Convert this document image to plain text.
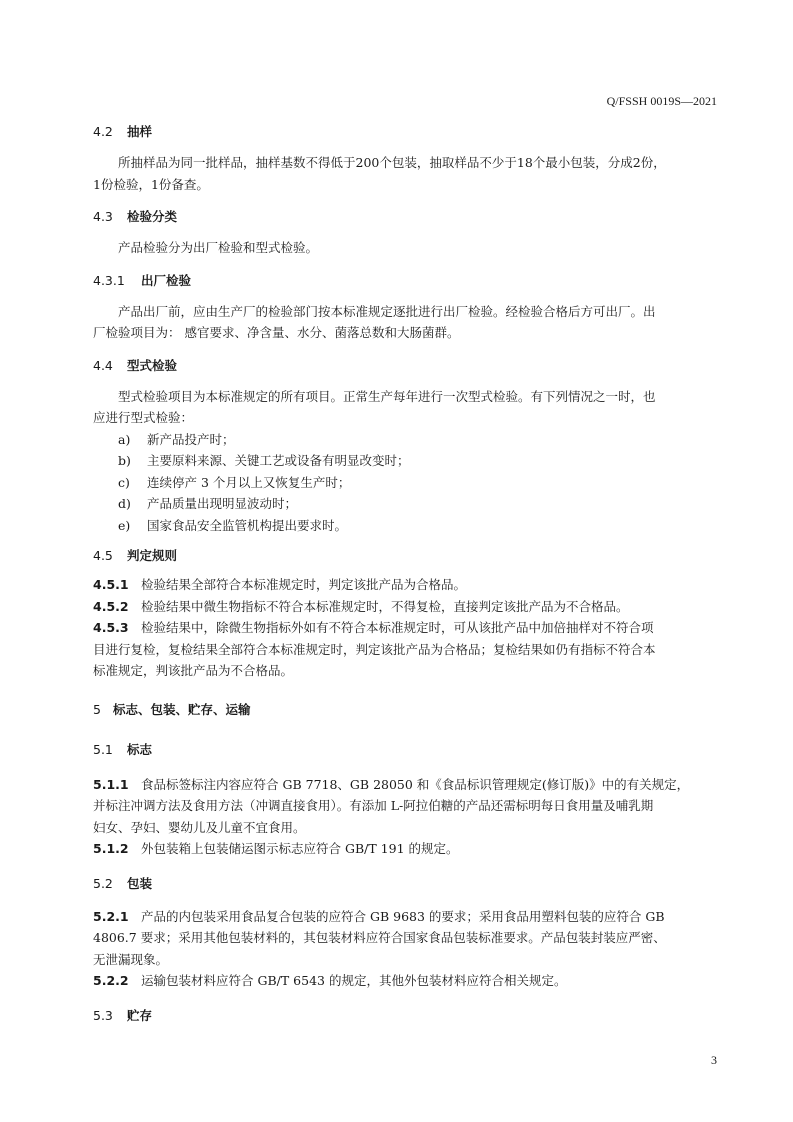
Q/FSSH 0019S—2021
4.2 抽样

所抽样品为同一批样品，抽样基数不得低于200个包装，抽取样品不少于18个最小包装，分成2份，

1份检验，1份备查。

4.3 检验分类

产品检验分为出厂检验和型式检验。

4.3.1 出厂检验

产品出厂前，应由生产厂的检验部门按本标准规定逐批进行出厂检验。经检验合格后方可出厂。出

厂检验项目为： 感官要求、净含量、水分、菌落总数和大肠菌群。

4.4 型式检验

型式检验项目为本标准规定的所有项目。正常生产每年进行一次型式检验。有下列情况之一时，也

应进行型式检验：

a) 新产品投产时；

b) 主要原料来源、关键工艺或设备有明显改变时；

c) 连续停产 3 个月以上又恢复生产时；

d) 产品质量出现明显波动时；

e) 国家食品安全监管机构提出要求时。

4.5 判定规则

4.5.1 检验结果全部符合本标准规定时，判定该批产品为合格品。

4.5.2 检验结果中微生物指标不符合本标准规定时，不得复检，直接判定该批产品为不合格品。

4.5.3 检验结果中，除微生物指标外如有不符合本标准规定时，可从该批产品中加倍抽样对不符合项

目进行复检，复检结果全部符合本标准规定时，判定该批产品为合格品；复检结果如仍有指标不符合本

标准规定，判该批产品为不合格品。

5 标志、包装、贮存、运输
5.1 标志

5.1.1 食品标签标注内容应符合 GB 7718、GB 28050 和《食品标识管理规定(修订版)》中的有关规定，

并标注冲调方法及食用方法（冲调直接食用）。有添加 L-阿拉伯糖的产品还需标明每日食用量及哺乳期

妇女、孕妇、婴幼儿及儿童不宜食用。

5.1.2 外包装箱上包装储运图示标志应符合 GB/T 191 的规定。

5.2 包装

5.2.1 产品的内包装采用食品复合包装的应符合 GB 9683 的要求；采用食品用塑料包装的应符合 GB

4806.7 要求；采用其他包装材料的，其包装材料应符合国家食品包装标准要求。产品包装封装应严密、

无泄漏现象。

5.2.2 运输包装材料应符合 GB/T 6543 的规定，其他外包装材料应符合相关规定。

5.3 贮存
3
